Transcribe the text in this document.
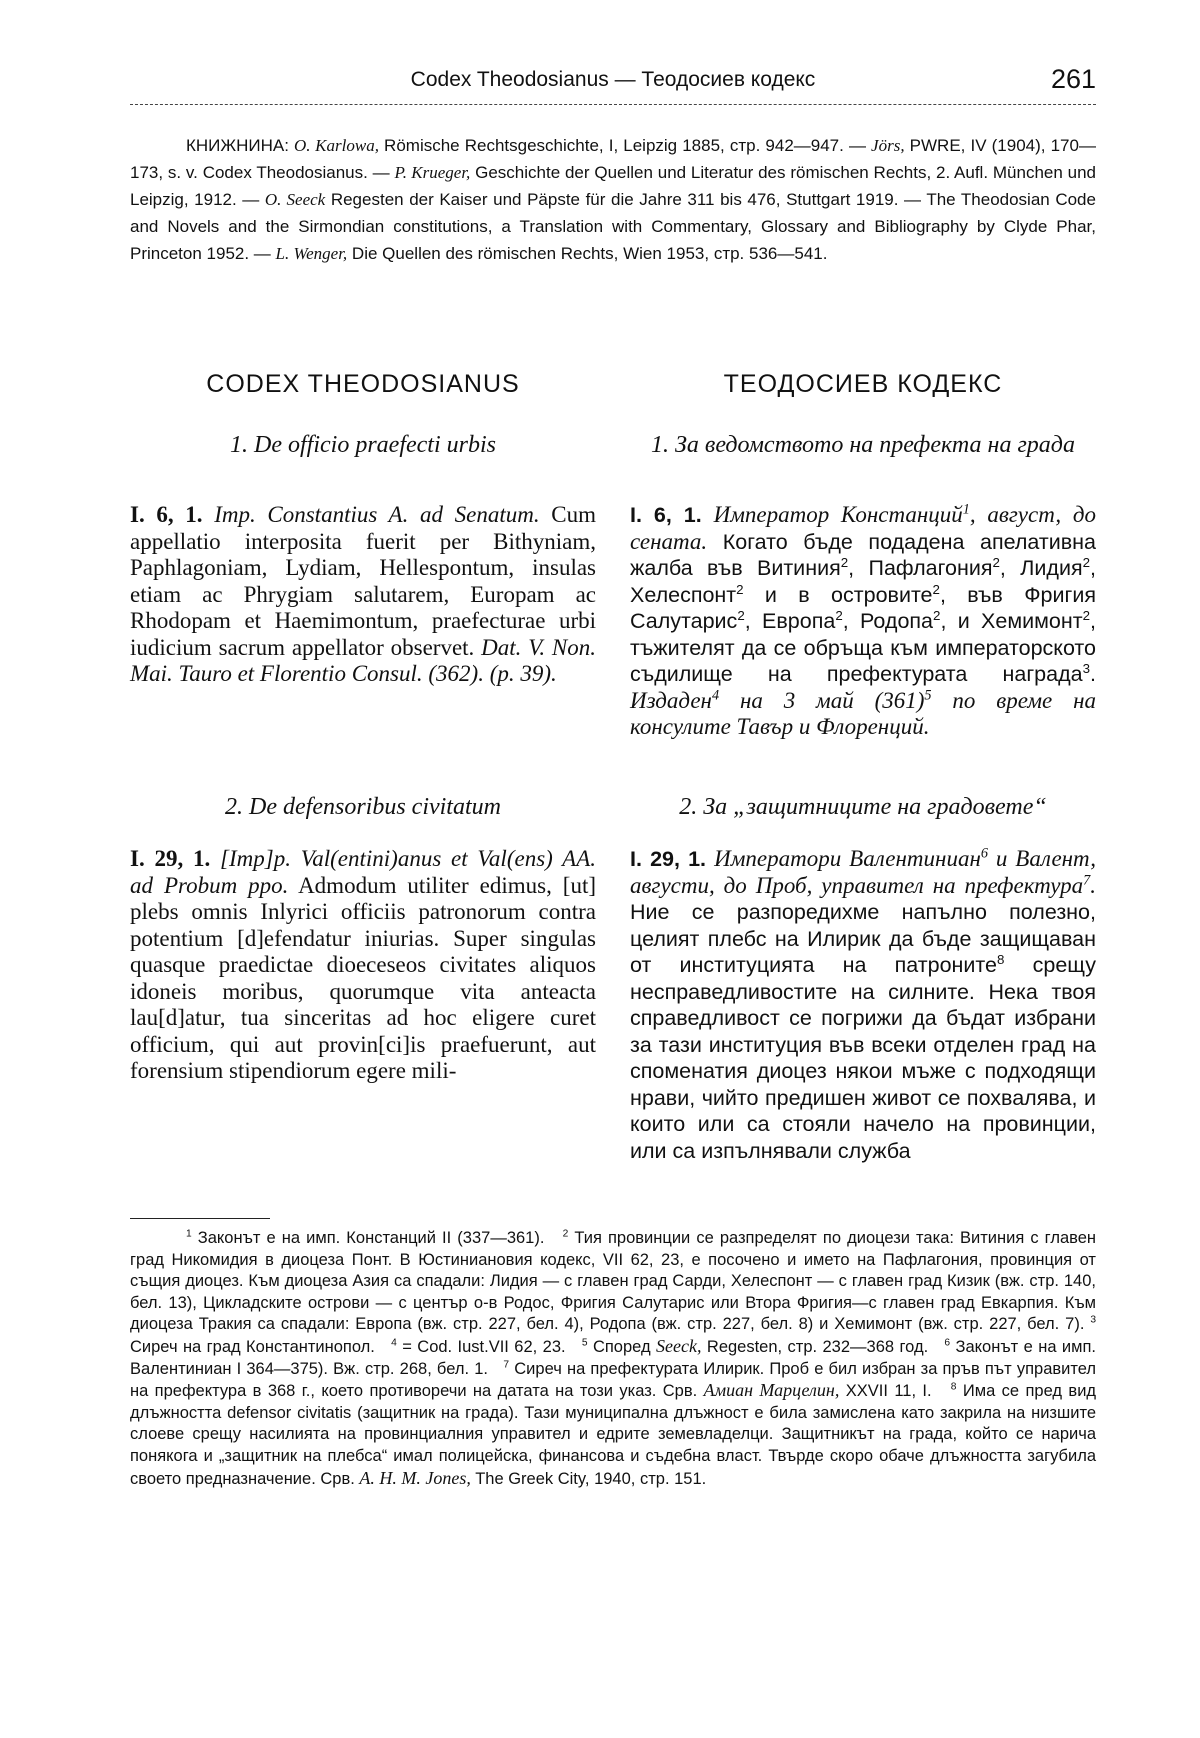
Codex Theodosianus — Теодосиев кодекс	261

КНИЖНИНА: O. Karlowa, Römische Rechtsgeschichte, I, Leipzig 1885, стр. 942—947. — Jörs, PWRE, IV (1904), 170—173, s. v. Codex Theodosianus. — P. Krueger, Geschichte der Quellen und Literatur des römischen Rechts, 2. Aufl. München und Leipzig, 1912. — O. Seeck Regesten der Kaiser und Päpste für die Jahre 311 bis 476, Stuttgart 1919. — The Theodosian Code and Novels and the Sirmondian constitutions, a Translation with Commentary, Glossary and Bibliography by Clyde Phar, Princeton 1952. — L. Wenger, Die Quellen des römischen Rechts, Wien 1953, стр. 536—541.

CODEX THEODOSIANUS
1. De officio praefecti urbis

I. 6, 1. Imp. Constantius A. ad Senatum. Cum appellatio interposita fuerit per Bithyniam, Paphlagoniam, Lydiam, Hellespontum, insulas etiam ac Phrygiam salutarem, Europam ac Rhodopam et Haemimontum, praefecturae urbi iudicium sacrum appellator observet. Dat. V. Non. Mai. Tauro et Florentio Consul. (362). (p. 39).

2. De defensoribus civitatum

I. 29, 1. [Imp]p. Val(entini)anus et Val(ens) AA. ad Probum ppo. Admodum utiliter edimus, [ut] plebs omnis Inlyrici officiis patronorum contra potentium [d]efendatur iniurias. Super singulas quasque praedictae dioeceseos civitates aliquos idoneis moribus, quorumque vita anteacta lau[d]atur, tua sinceritas ad hoc eligere curet officium, qui aut provin[ci]is praefuerunt, aut forensium stipendiorum egere mili-

ТЕОДОСИЕВ КОДЕКС
1. За ведомството на префекта на града

I. 6, 1. Император Констанций$^1$, август, до сената. Когато бъде подадена апелативна жалба във Витиния$^2$, Пафлагония$^2$, Лидия$^2$, Хелеспонт$^2$ и в островите$^2$, във Фригия Салутарис$^2$, Европа$^2$, Родопа$^2$, и Хемимонт$^2$, тъжителят да се обръща към императорското съдилище на префектурата награда$^3$. Издаден$^4$ на 3 май $(361)^5$ по време на консулите Тавър и Флоренций.

2. За „защитниците на градовете“

I. 29, 1. Императори Валентиниан$^6$ и Валент, августи, до Проб, управител на префектура$^7$. Ние се разпоредихме напълно полезно, целият плебс на Илирик да бъде защищаван от институцията на патроните$^8$ срещу несправедливостите на силните. Нека твоя справедливост се погрижи да бъдат избрани за тази институция във всеки отделен град на споменатия диоцез някои мъже с подходящи нрави, чийто предишен живот се похвалява, и които или са стояли начело на провинции, или са изпълнявали служба

$^1$ Законът е на имп. Констанций II (337—361). $^2$ Тия провинции се разпределят по диоцези така: Витиния с главен град Никомидия в диоцеза Понт. В Юстиниановия кодекс, VII 62, 23, е посочено и името на Пафлагония, провинция от същия диоцез. Към диоцеза Азия са спадали: Лидия — с главен град Сарди, Хелеспонт — с главен град Кизик (вж. стр. 140, бел. 13), Цикладските острови — с център о-в Родос, Фригия Салутарис или Втора Фригия—с главен град Евкарпия. Към диоцеза Тракия са спадали: Европа (вж. стр. 227, бел. 4), Родопа (вж. стр. 227, бел. 8) и Хемимонт (вж. стр. 227, бел. 7). $^3$ Сиреч на град Константинопол. $^4$ = Cod. Iust.VII 62, 23. $^5$ Според Seeck, Regesten, стр. 232—368 год. $^6$ Законът е на имп. Валентиниан I 364—375). Вж. стр. 268, бел. 1. $^7$ Сиреч на префектурата Илирик. Проб е бил избран за пръв път управител на префектура в 368 г., което противоречи на датата на този указ. Срв. Амиан Марцелин, XXVII 11, I. $^8$ Има се пред вид длъжността defensor civitatis (защитник на града). Тази муниципална длъжност е била замислена като закрила на низшите слоеве срещу насилията на провинциалния управител и едрите земевладелци. Защитникът на града, който се нарича понякога и „защитник на плебса“ имал полицейска, финансова и съдебна власт. Твърде скоро обаче длъжността загубила своето предназначение. Срв. A. H. M. Jones, The Greek City, 1940, стр. 151.
